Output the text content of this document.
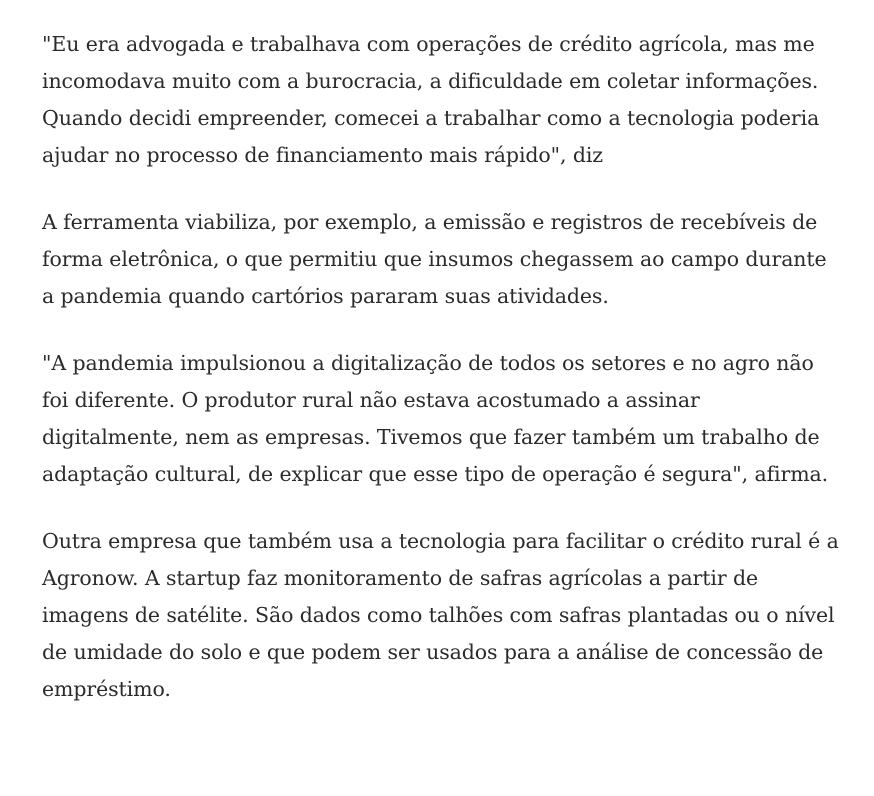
"Eu era advogada e trabalhava com operações de crédito agrícola, mas me incomodava muito com a burocracia, a dificuldade em coletar informações. Quando decidi empreender, comecei a trabalhar como a tecnologia poderia ajudar no processo de financiamento mais rápido", diz

A ferramenta viabiliza, por exemplo, a emissão e registros de recebíveis de forma eletrônica, o que permitiu que insumos chegassem ao campo durante a pandemia quando cartórios pararam suas atividades.

"A pandemia impulsionou a digitalização de todos os setores e no agro não foi diferente. O produtor rural não estava acostumado a assinar digitalmente, nem as empresas. Tivemos que fazer também um trabalho de adaptação cultural, de explicar que esse tipo de operação é segura", afirma.

Outra empresa que também usa a tecnologia para facilitar o crédito rural é a Agronow. A startup faz monitoramento de safras agrícolas a partir de imagens de satélite. São dados como talhões com safras plantadas ou o nível de umidade do solo e que podem ser usados para a análise de concessão de empréstimo.
